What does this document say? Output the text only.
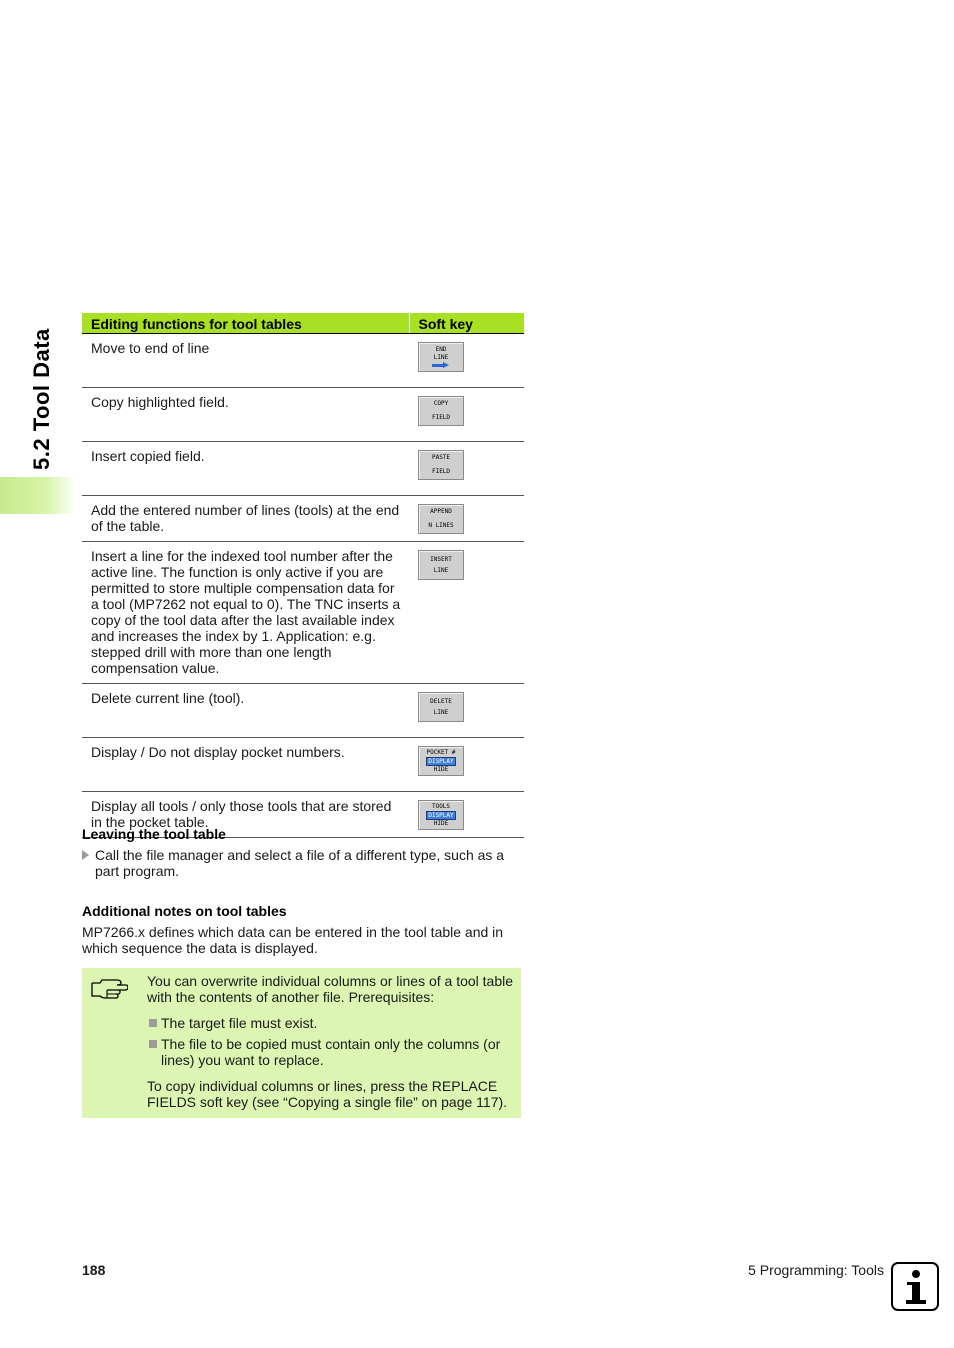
5.2 Tool Data
Editing functions for tool tables	Soft key
Move to end of line	END
LINE

Copy highlighted field.	COPY
FIELD

Insert copied field.	PASTE
FIELD

Add the entered number of lines (tools) at the end of the table.	APPEND
N LINES

Insert a line for the indexed tool number after the active line. The function is only active if you are permitted to store multiple compensation data for a tool (MP7262 not equal to 0). The TNC inserts a copy of the tool data after the last available index and increases the index by 1. Application: e.g. stepped drill with more than one length compensation value.	INSERT
LINE

Delete current line (tool).	DELETE
LINE

Display / Do not display pocket numbers.	POCKET #
DISPLAY
HIDE

Display all tools / only those tools that are stored in the pocket table.	TOOLS
DISPLAY
HIDE
Leaving the tool table

Call the file manager and select a file of a different type, such as a part program.

Additional notes on tool tables

MP7266.x defines which data can be entered in the tool table and in which sequence the data is displayed.

You can overwrite individual columns or lines of a tool table with the contents of another file. Prerequisites:

The target file must exist.
The file to be copied must contain only the columns (or lines) you want to replace.

To copy individual columns or lines, press the REPLACE FIELDS soft key (see “Copying a single file” on page 117).

188	5 Programming: Tools
